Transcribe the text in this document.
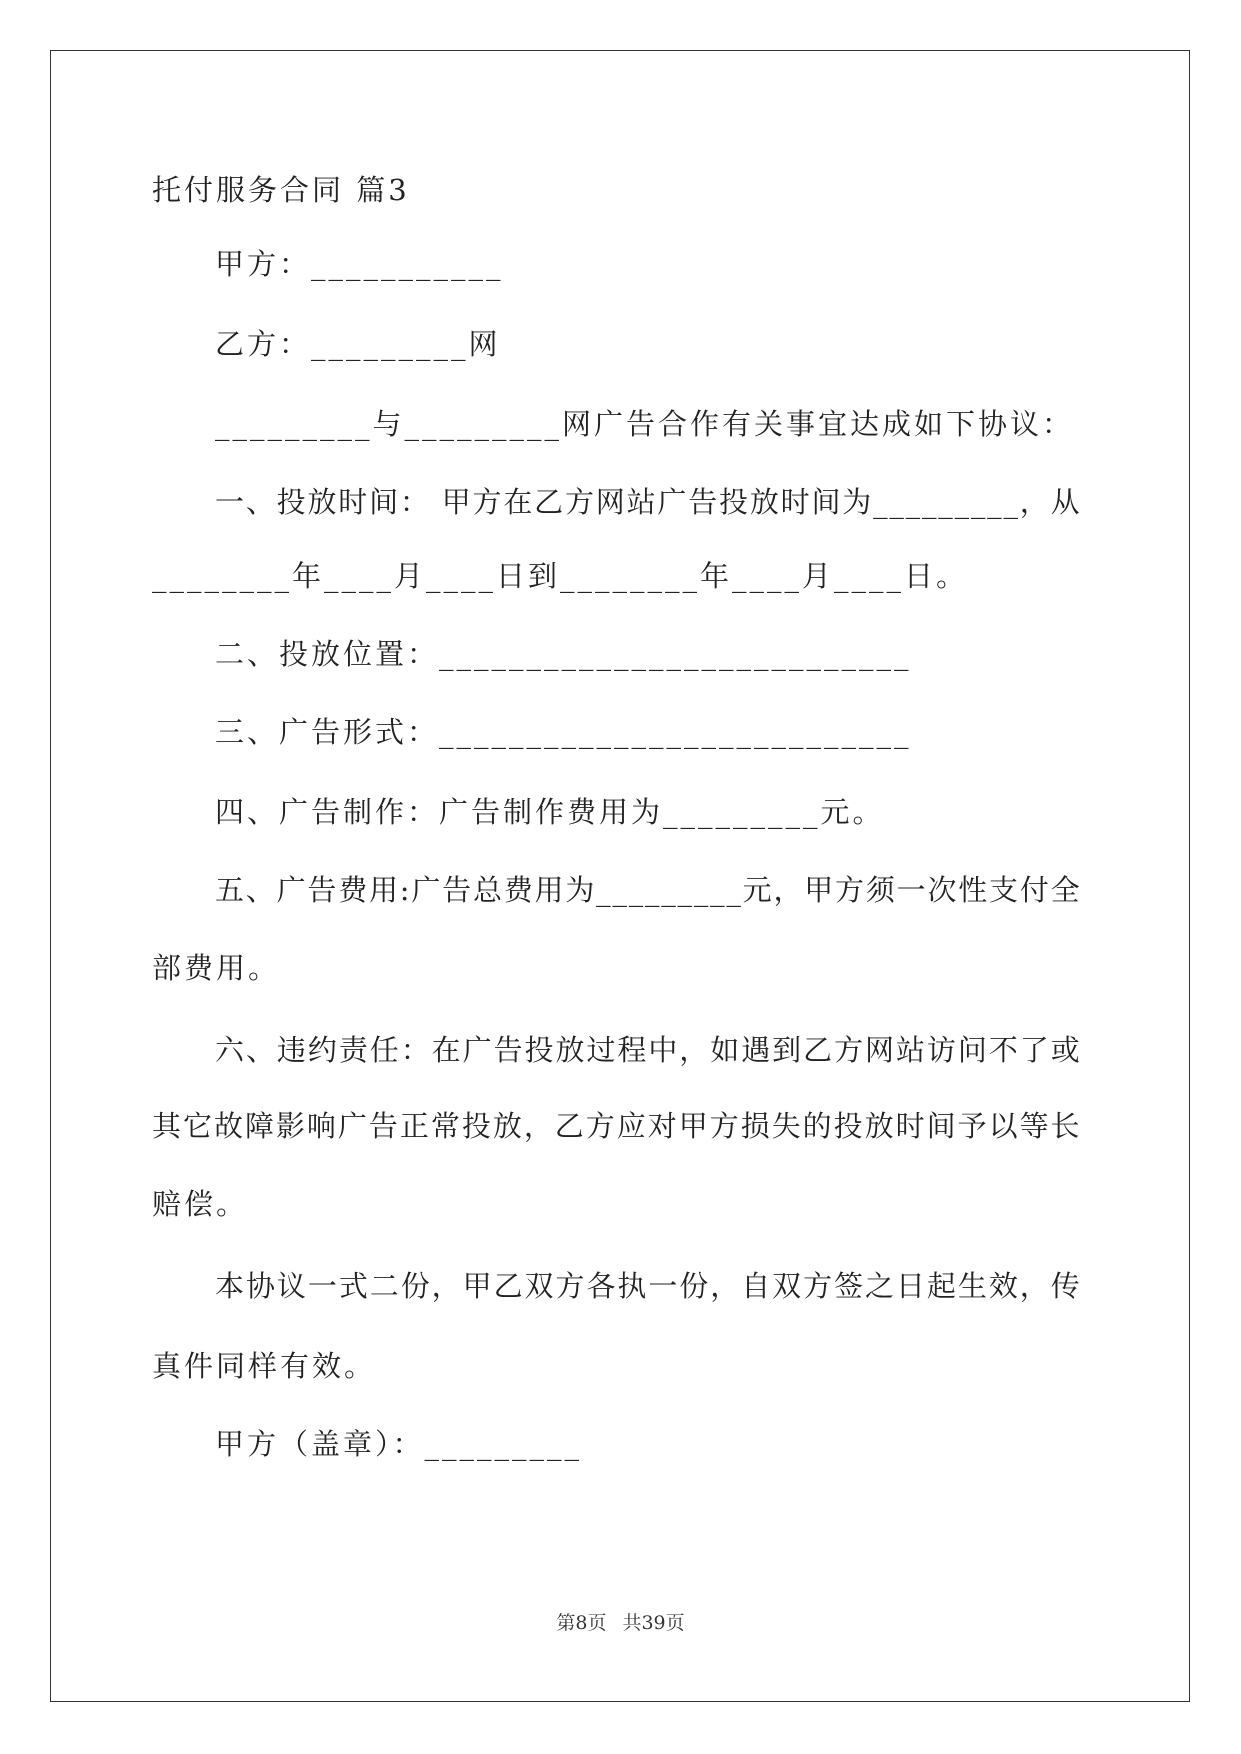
托付服务合同 篇3
甲方：___________
乙方：_________网
_________与_________网广告合作有关事宜达成如下协议：
一 、 投 放 时 间 ：
甲 方 在 乙 方 网 站 广 告 投 放 时 间 为 _ _ _ _ _ _ _ _ _ ， 从
________年____月____日到________年____月____日。
二、投放位置：___________________________
三、广告形式：___________________________
四、广告制作：广告制作费用为_________元。
五 、 广 告 费 用 : 广 告 总 费 用 为 _ _ _ _ _ _ _ _ _ 元 ， 甲 方 须 一 次 性 支 付 全
部费用。
六 、 违 约 责 任 ： 在 广 告 投 放 过 程 中 ， 如 遇 到 乙 方 网 站 访 问 不 了 或
其 它 故 障 影 响 广 告 正 常 投 放 ， 乙 方 应 对 甲 方 损 失 的 投 放 时 间 予 以 等 长
赔偿。
本 协 议 一 式 二 份 ， 甲 乙 双 方 各 执 一 份 ， 自 双 方 签 之 日 起 生 效 ， 传
真件同样有效。
甲方（盖章）：_________
第8页 共39页
